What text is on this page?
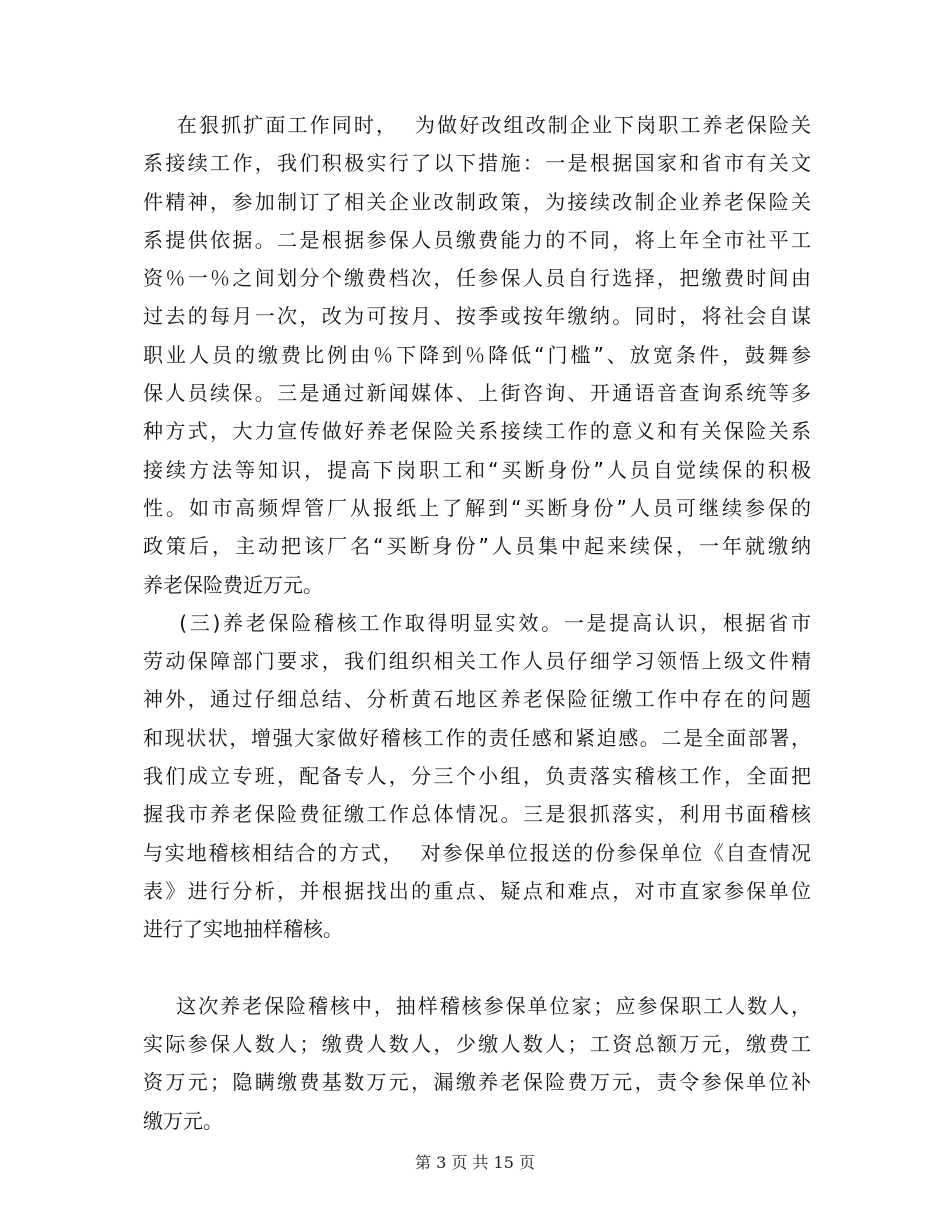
在狠抓扩面工作同时，  为做好改组改制企业下岗职工养老保险关
系接续工作，我们积极实行了以下措施：一是根据国家和省市有关文
件精神，参加制订了相关企业改制政策，为接续改制企业养老保险关
系提供依据。二是根据参保人员缴费能力的不同，将上年全市社平工
资％一％之间划分个缴费档次，任参保人员自行选择，把缴费时间由
过去的每月一次，改为可按月、按季或按年缴纳。同时，将社会自谋
职业人员的缴费比例由％下降到％降低“门槛”、放宽条件，鼓舞参
保人员续保。三是通过新闻媒体、上街咨询、开通语音查询系统等多
种方式，大力宣传做好养老保险关系接续工作的意义和有关保险关系
接续方法等知识，提高下岗职工和“买断身份”人员自觉续保的积极
性。如市高频焊管厂从报纸上了解到“买断身份”人员可继续参保的
政策后，主动把该厂名“买断身份”人员集中起来续保，一年就缴纳
养老保险费近万元。
(三)养老保险稽核工作取得明显实效。一是提高认识，根据省市
劳动保障部门要求，我们组织相关工作人员仔细学习领悟上级文件精
神外，通过仔细总结、分析黄石地区养老保险征缴工作中存在的问题
和现状状，增强大家做好稽核工作的责任感和紧迫感。二是全面部署，
我们成立专班，配备专人，分三个小组，负责落实稽核工作，全面把
握我市养老保险费征缴工作总体情况。三是狠抓落实，利用书面稽核
与实地稽核相结合的方式，  对参保单位报送的份参保单位《自查情况
表》进行分析，并根据找出的重点、疑点和难点，对市直家参保单位
进行了实地抽样稽核。
这次养老保险稽核中，抽样稽核参保单位家；应参保职工人数人，
实际参保人数人；缴费人数人，少缴人数人；工资总额万元，缴费工
资万元；隐瞒缴费基数万元，漏缴养老保险费万元，责令参保单位补
缴万元。
第 3 页 共 15 页
